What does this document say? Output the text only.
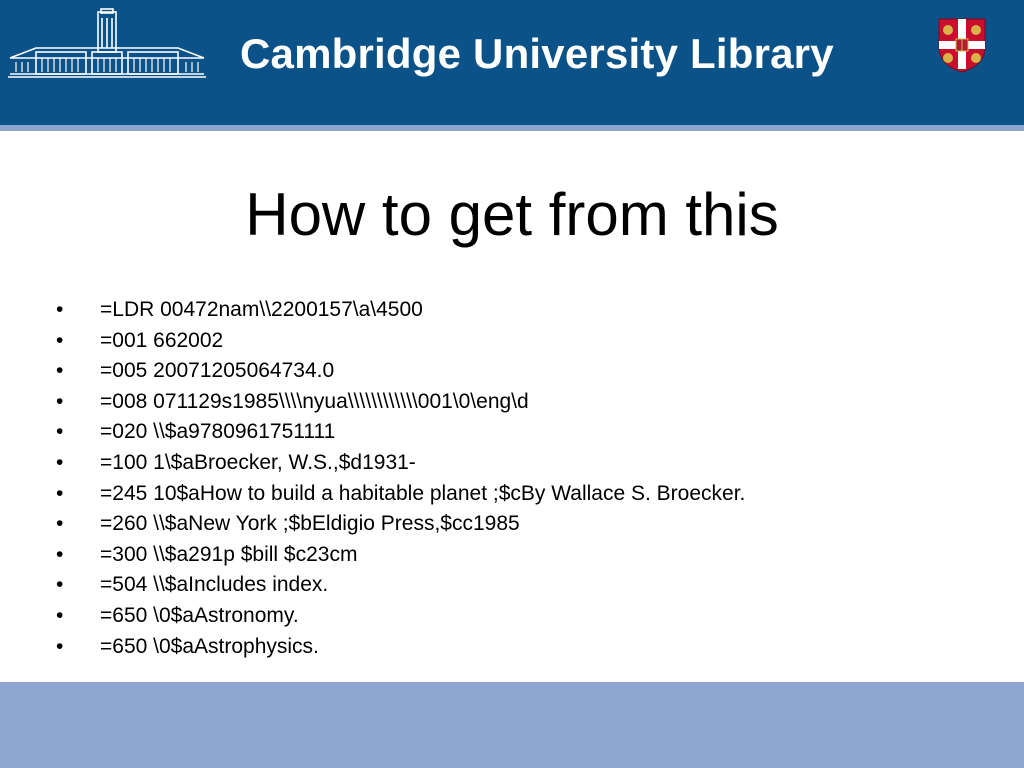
Cambridge University Library
How to get from this
• =LDR 00472nam\\2200157\a\4500
• =001 662002
• =005 20071205064734.0
• =008 071129s1985\\\\nyua\\\\\\\\\\\\001\0\eng\d
• =020 \\$a9780961751111
• =100 1\$aBroecker, W.S.,$d1931-
• =245 10$aHow to build a habitable planet ;$cBy Wallace S. Broecker.
• =260 \\$aNew York ;$bEldigio Press,$cc1985
• =300 \\$a291p $bill $c23cm
• =504 \\$aIncludes index.
• =650 \0$aAstronomy.
• =650 \0$aAstrophysics.
